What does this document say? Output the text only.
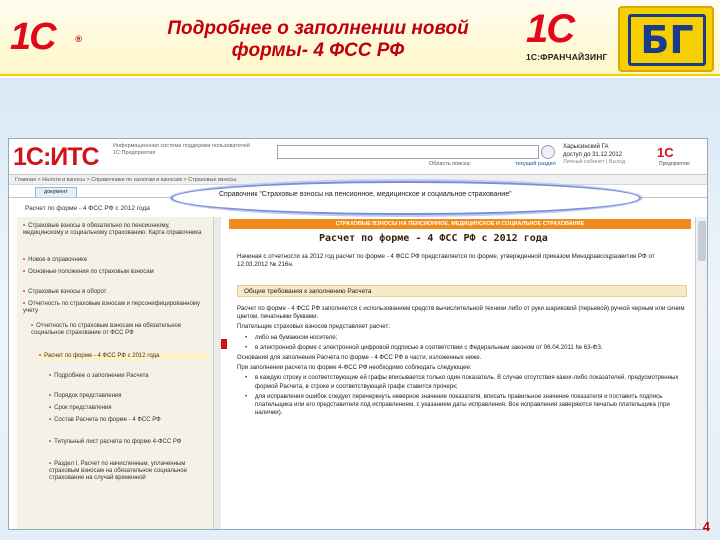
1С ®	Подробнее о заполнении новой
формы- 4 ФСС РФ	1С
1С:ФРАНЧАЙЗИНГ БГ
1С:ИТС	Информационная система поддержки пользователей 1С:Предприятия
Область поиска:	текущий раздел
Харысинский ГА
доступ до 31.12.2012
Личный кабинет | Выход
1С
Предприятие
Главная > Налоги и взносы > Справочники по налогам и взносам > Страховые взносы
документ
Расчет по форме - 4 ФСС РФ с 2012 года
Справочник "Страховые взносы на пенсионное, медицинское и социальное страхование"
• Страховые взносы в обязательно по пенсионному, медицинскому и социальному страхованию. Карта справочника
• Новое в справочнике
• Основные положения по страховым взносам
• Страховые взносы в оборот
• Отчетность по страховым взносам и персонифицированному учету
• Отчетность по страховым взносам на обязательное социальное страхование от ФСС РФ
• Расчет по форме - 4 ФСС РФ с 2012 года
• Подробнее о заполнении Расчета
• Порядок представления
• Срок представления
• Состав Расчета по форме - 4 ФСС РФ
• Титульный лист расчета по форме 4-ФСС РФ
• Раздел I. Расчет по начисленным, уплаченным страховым взносам на обязательное социальное страхование на случай временной
СТРАХОВЫЕ ВЗНОСЫ НА ПЕНСИОННОЕ, МЕДИЦИНСКОЕ И СОЦИАЛЬНОЕ СТРАХОВАНИЕ
Расчет по форме - 4 ФСС РФ с 2012 года
Начиная с отчетности за 2012 год расчет по форме - 4 ФСС РФ представляется по форме, утвержденной приказом Минздравсоцразвития РФ от 12.03.2012 № 216н.
Общие требования к заполнению Расчета

Расчет по форме - 4 ФСС РФ заполняется с использованием средств вычислительной техники либо от руки шариковой (перьевой) ручкой черным или синим цветом, печатными буквами.

Плательщик страховых взносов представляет расчет:

• либо на бумажном носителе;
• в электронной форме с электронной цифровой подписью в соответствии с Федеральным законом от 06.04.2011 № 63-ФЗ.

Основания для заполнения Расчета по форме - 4 ФСС РФ в части, изложенных ниже.

При заполнении расчета по форме 4-ФСС РФ необходимо соблюдать следующее:

• в каждую строку и соответствующие ей графы вписывается только один показатель. В случае отсутствия каких-либо показателей, предусмотренных формой Расчета, в строке и соответствующей графе ставится прочерк;
• для исправления ошибок следует перечеркнуть неверное значение показателя, вписать правильное значение показателя и поставить подпись плательщика или его представителя под исправлением, с указанием даты исправления. Все исправления заверяются печатью плательщика (при наличии).
4
